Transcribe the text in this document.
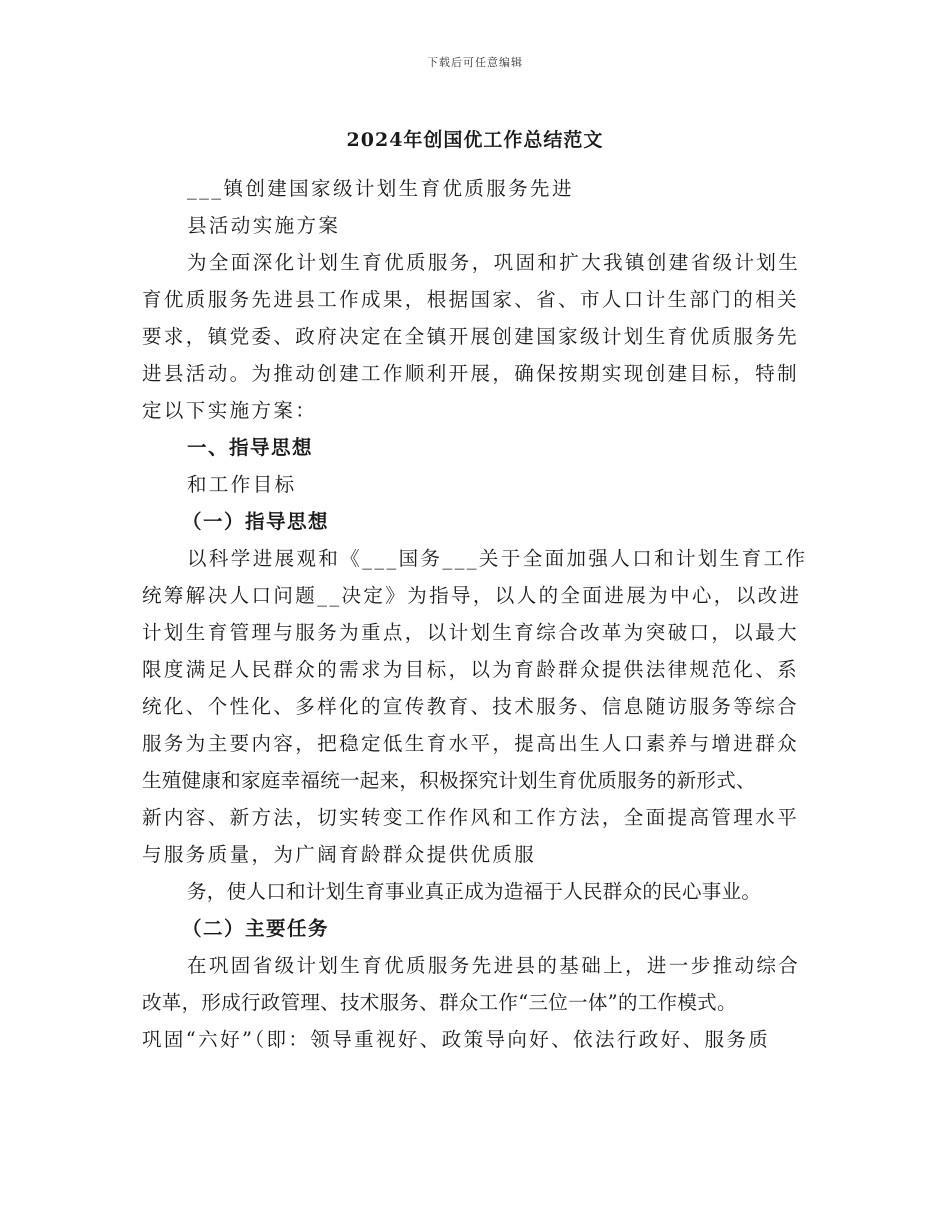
下载后可任意编辑
2024年创国优工作总结范文
___镇创建国家级计划生育优质服务先进
县活动实施方案
为全面深化计划生育优质服务，巩固和扩大我镇创建省级计划生
育优质服务先进县工作成果，根据国家、省、市人口计生部门的相关
要求，镇党委、政府决定在全镇开展创建国家级计划生育优质服务先
进县活动。为推动创建工作顺利开展，确保按期实现创建目标，特制
定以下实施方案：
一、指导思想
和工作目标
（一）指导思想
以科学进展观和《___国务___关于全面加强人口和计划生育工作
统筹解决人口问题__决定》为指导，以人的全面进展为中心，以改进
计划生育管理与服务为重点，以计划生育综合改革为突破口，以最大
限度满足人民群众的需求为目标，以为育龄群众提供法律规范化、系
统化、个性化、多样化的宣传教育、技术服务、信息随访服务等综合
服务为主要内容，把稳定低生育水平，提高出生人口素养与增进群众
生殖健康和家庭幸福统一起来，积极探究计划生育优质服务的新形式、
新内容、新方法，切实转变工作作风和工作方法，全面提高管理水平
与服务质量，为广阔育龄群众提供优质服
务，使人口和计划生育事业真正成为造福于人民群众的民心事业。
（二）主要任务
在巩固省级计划生育优质服务先进县的基础上，进一步推动综合
改革，形成行政管理、技术服务、群众工作“三位一体”的工作模式。
巩固“六好”（即：领导重视好、政策导向好、依法行政好、服务质
